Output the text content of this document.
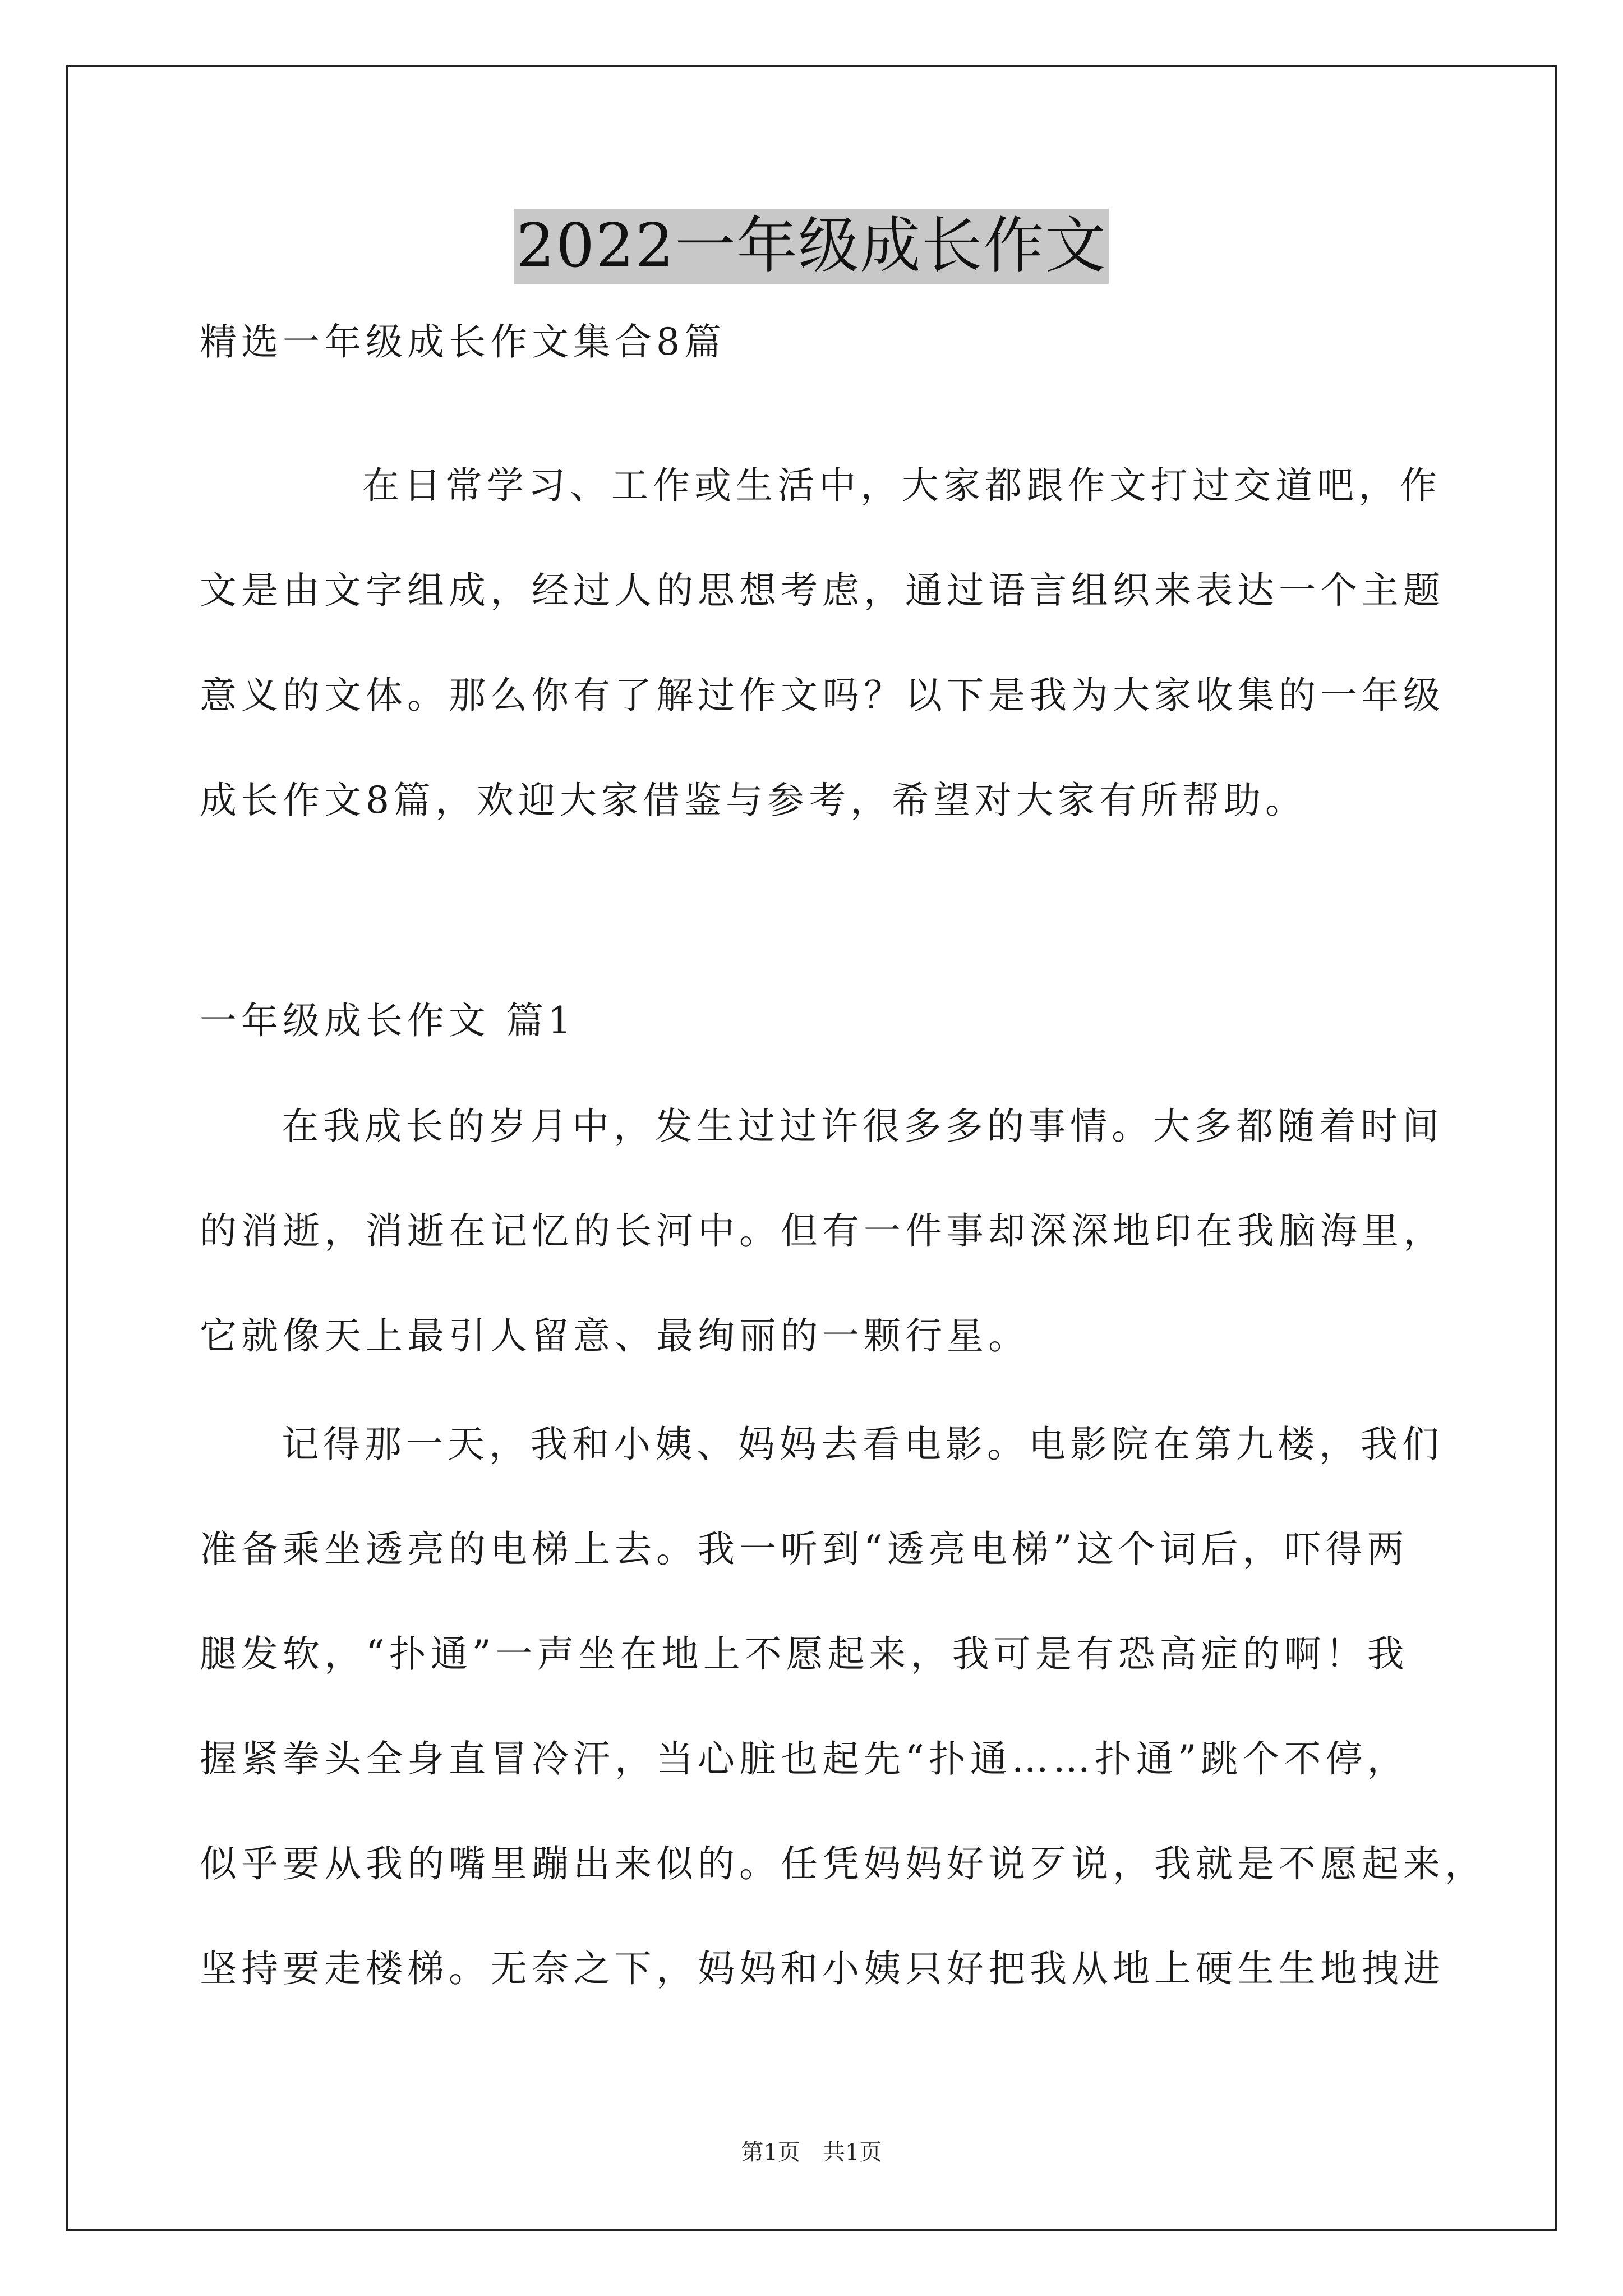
2022一年级成长作文
精选一年级成长作文集合8篇
在日常学习、工作或生活中，大家都跟作文打过交道吧，作
文是由文字组成，经过人的思想考虑，通过语言组织来表达一个主题
意义的文体。那么你有了解过作文吗？以下是我为大家收集的一年级
成长作文8篇，欢迎大家借鉴与参考，希望对大家有所帮助。
一年级成长作文 篇1
在我成长的岁月中，发生过过许很多多的事情。大多都随着时间
的消逝，消逝在记忆的长河中。但有一件事却深深地印在我脑海里，
它就像天上最引人留意、最绚丽的一颗行星。
记得那一天，我和小姨、妈妈去看电影。电影院在第九楼，我们
准备乘坐透亮的电梯上去。我一听到“透亮电梯”这个词后，吓得两
腿发软，“扑通”一声坐在地上不愿起来，我可是有恐高症的啊！我
握紧拳头全身直冒冷汗，当心脏也起先“扑通……扑通”跳个不停，
似乎要从我的嘴里蹦出来似的。任凭妈妈好说歹说，我就是不愿起来，
坚持要走楼梯。无奈之下，妈妈和小姨只好把我从地上硬生生地拽进
第1页　共1页
